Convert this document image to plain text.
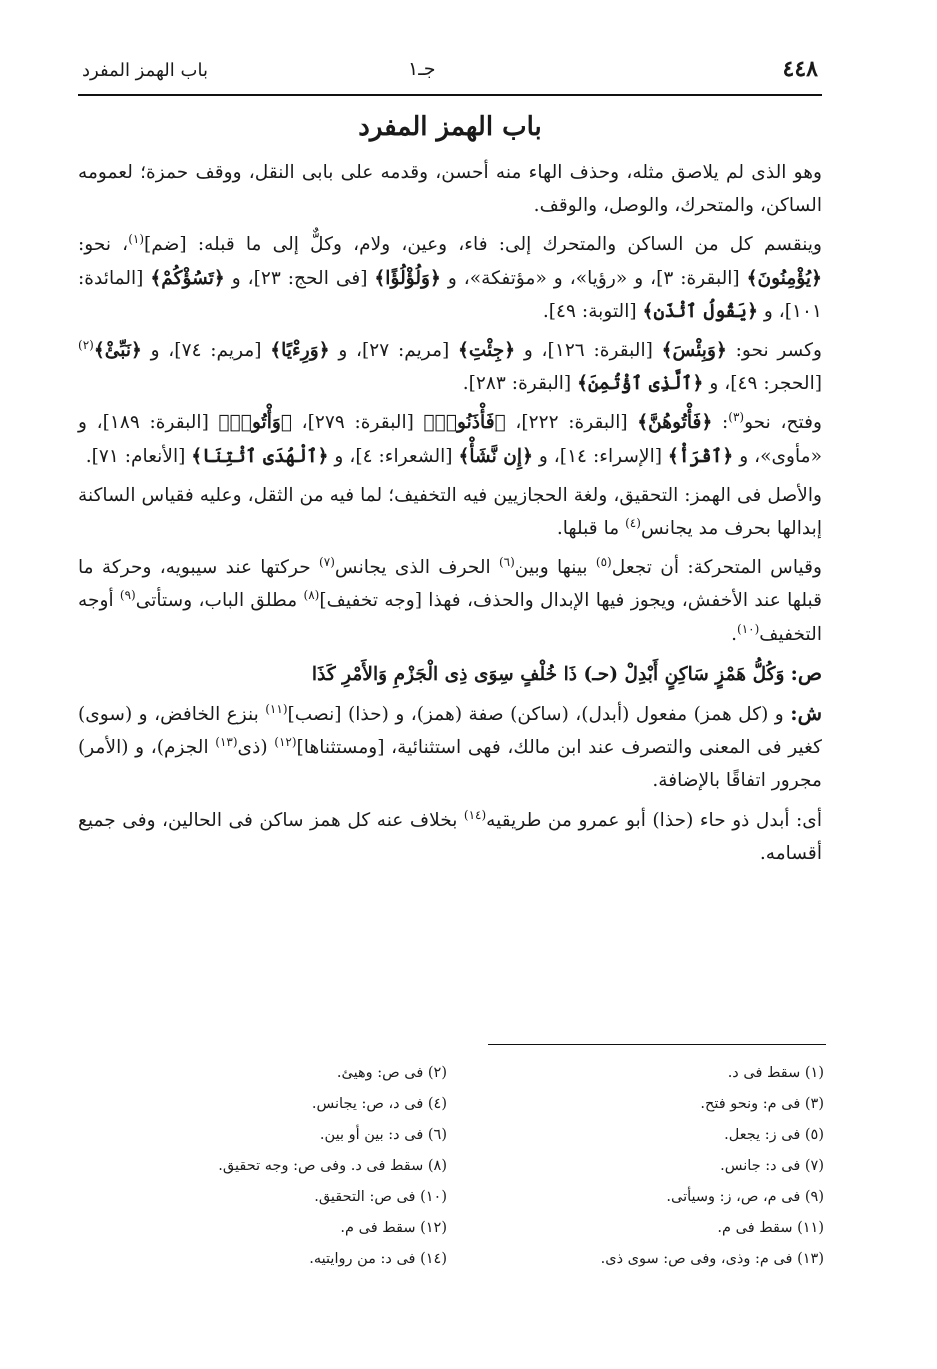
٤٤٨
جـ١
باب الهمز المفرد
باب الهمز المفرد

وهو الذى لم يلاصق مثله، وحذف الهاء منه أحسن، وقدمه على بابى النقل، ووقف حمزة؛ لعمومه الساكن، والمتحرك، والوصل، والوقف.

وينقسم كل من الساكن والمتحرك إلى: فاء، وعين، ولام، وكلٌّ إلى ما قبله: [ضم]$^{(١)}$، نحو: ﴿يُؤْمِنُونَ﴾ [البقرة: ٣]، و «رؤيا»، و «مؤتفكة»، و ﴿وَلُؤْلُؤًا﴾ [فى الحج: ٢٣]، و ﴿تَسُؤْكُمْ﴾ [المائدة: ١٠١]، و ﴿يَقُولُ ٱئْذَن﴾ [التوبة: ٤٩].

وكسر نحو: ﴿وَبِئْسَ﴾ [البقرة: ١٢٦]، و ﴿جِئْتِ﴾ [مريم: ٢٧]، و ﴿وَرِءْيًا﴾ [مريم: ٧٤]، و ﴿نَبِّئْ﴾$^{(٢)}$ [الحجر: ٤٩]، و ﴿ٱلَّذِى ٱؤْتُمِنَ﴾ [البقرة: ٢٨٣].

وفتح، نحو$^{(٣)}$: ﴿فَأْتُوهُنَّ﴾ [البقرة: ٢٢٢]، ﴿فَأْذَنُوا۟﴾ [البقرة: ٢٧٩]، ﴿وَأْتُوا۟﴾ [البقرة: ١٨٩]، و «مأوى»، و ﴿ٱقْرَأْ﴾ [الإسراء: ١٤]، و ﴿إِن نَّشَأْ﴾ [الشعراء: ٤]، و ﴿ٱلْهُدَى ٱئْتِنَا﴾ [الأنعام: ٧١].

والأصل فى الهمز: التحقيق، ولغة الحجازيين فيه التخفيف؛ لما فيه من الثقل، وعليه فقياس الساكنة إبدالها بحرف مد يجانس$^{(٤)}$ ما قبلها.

وقياس المتحركة: أن تجعل$^{(٥)}$ بينها وبين$^{(٦)}$ الحرف الذى يجانس$^{(٧)}$ حركتها عند سيبويه، وحركة ما قبلها عند الأخفش، ويجوز فيها الإبدال والحذف، فهذا [وجه تخفيف]$^{(٨)}$ مطلق الباب، وستأتى$^{(٩)}$ أوجه التخفيف$^{(١٠)}$.

ص: وَكُلُّ هَمْزٍ سَاكِنٍ أَبْدِلْ (حـ) ذَا خُلْفٍ سِوَى ذِى الْجَزْمِ وَالأَمْرِ كَذَا

ش: و (كل همز) مفعول (أبدل)، (ساكن) صفة (همز)، و (حذا) [نصب]$^{(١١)}$ بنزع الخافض، و (سوى) كغير فى المعنى والتصرف عند ابن مالك، فهى استثنائية، [ومستثناها]$^{(١٢)}$ (ذى$^{(١٣)}$ الجزم)، و (الأمر) مجرور اتفاقًا بالإضافة.

أى: أبدل ذو حاء (حذا) أبو عمرو من طريقيه$^{(١٤)}$ بخلاف عنه كل همز ساكن فى الحالين، وفى جميع أقسامه.

(١) سقط فى د.
(٢) فى ص: وهيئ.
(٣) فى م: ونحو فتح.
(٤) فى د، ص: يجانس.
(٥) فى ز: يجعل.
(٦) فى د: بين أو بين.
(٧) فى د: جانس.
(٨) سقط فى د. وفى ص: وجه تحقيق.
(٩) فى م، ص، ز: وسيأتى.
(١٠) فى ص: التحقيق.
(١١) سقط فى م.
(١٢) سقط فى م.
(١٣) فى م: وذى، وفى ص: سوى ذى.
(١٤) فى د: من روايتيه.
